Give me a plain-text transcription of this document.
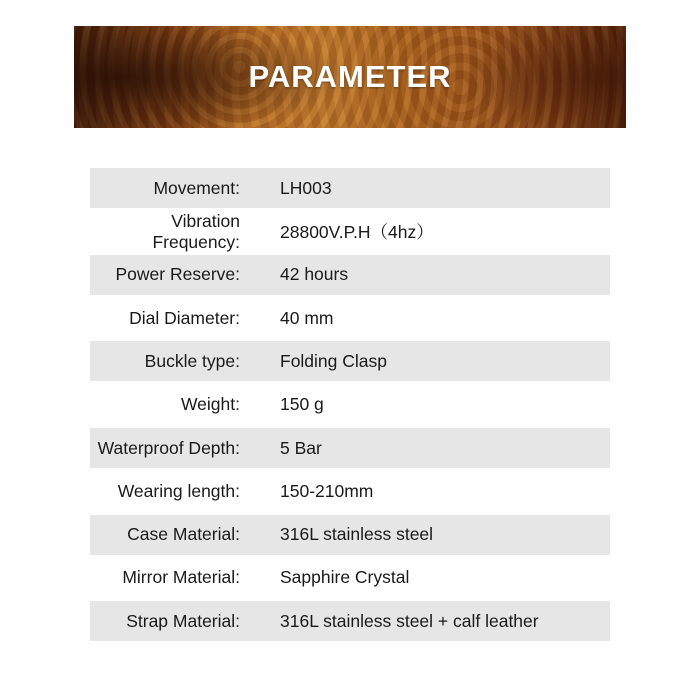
PARAMETER
Movement:	LH003
Vibration Frequency:	28800V.P.H（4hz）
Power Reserve:	42 hours
Dial Diameter:	40 mm
Buckle type:	Folding Clasp
Weight:	150 g
Waterproof Depth:	5 Bar
Wearing length:	150-210mm
Case Material:	316L stainless steel
Mirror Material:	Sapphire Crystal
Strap Material:	316L stainless steel + calf leather
